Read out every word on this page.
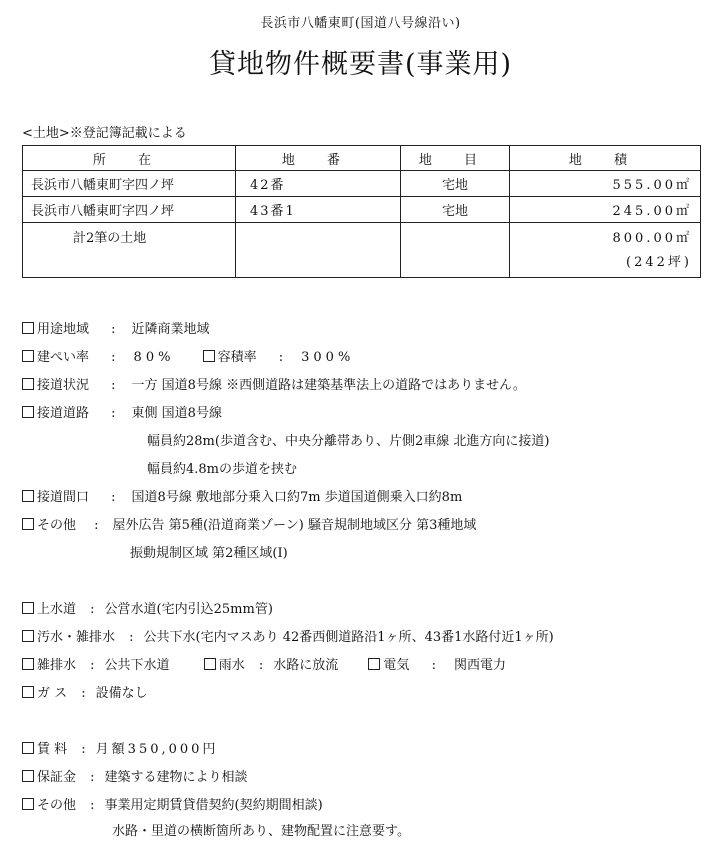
長浜市八幡東町(国道八号線沿い)
貸地物件概要書(事業用)
<土地>※登記簿記載による
所 在	地 番	地 目	地 積
長浜市八幡東町字四ノ坪	42番	宅地	555.00㎡
長浜市八幡東町字四ノ坪	43番1	宅地	245.00㎡
計2筆の土地			800.00㎡
(242坪)
用途地域 : 近隣商業地域
建ぺい率 : 80%	容積率 : 300%
接道状況 : 一方 国道8号線 ※西側道路は建築基準法上の道路ではありません。
接道道路 : 東側 国道8号線
幅員約28m(歩道含む、中央分離帯あり、片側2車線 北進方向に接道)
幅員約4.8mの歩道を挟む
接道間口 : 国道8号線 敷地部分乗入口約7m 歩道国道側乗入口約8m
その他 : 屋外広告 第5種(沿道商業ゾーン) 騒音規制地域区分 第3種地域
振動規制区域 第2種区域(Ⅰ)
上水道 : 公営水道(宅内引込25mm管)
汚水・雑排水 : 公共下水(宅内マスあり 42番西側道路沿1ヶ所、43番1水路付近1ヶ所)
雑排水 : 公共下水道	雨水 : 水路に放流	電気 : 関西電力
ガ ス : 設備なし
賃 料 : 月額350,000円
保証金 : 建築する建物により相談
その他 : 事業用定期賃貸借契約(契約期間相談)
水路・里道の横断箇所あり、建物配置に注意要す。
